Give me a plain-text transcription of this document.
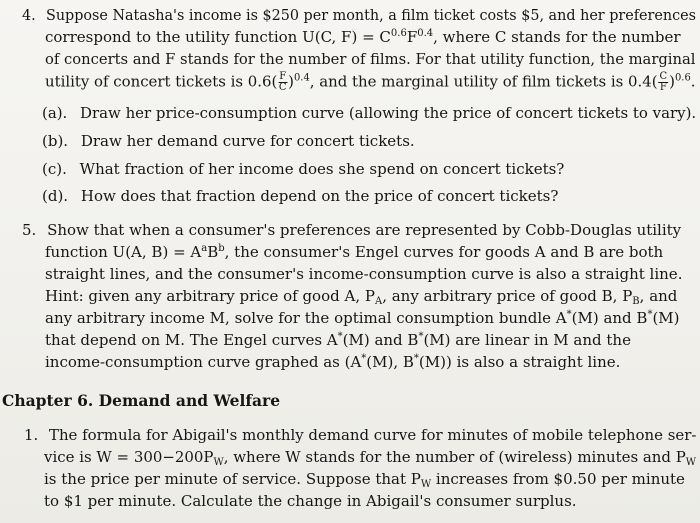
4. Suppose Natasha's income is $250 per month, a film ticket costs $5, and her preferences
correspond to the utility function U(C, $F) = C^{0.6}F^{0.4}$, where C stands for the number
of concerts and F stands for the number of films. For that utility function, the marginal
utility of concert tickets is $0.6( \frac{F}{C} )^{0.4}$, and the marginal utility of film tickets is $0.4( \frac{C}{F} )^{0.6}$.
(a). Draw her price-consumption curve (allowing the price of concert tickets to vary).
(b). Draw her demand curve for concert tickets.
(c). What fraction of her income does she spend on concert tickets?
(d). How does that fraction depend on the price of concert tickets?
5. Show that when a consumer's preferences are represented by Cobb-Douglas utility
function U(A, $B) = A^aB^b$, the consumer's Engel curves for goods A and B are both
straight lines, and the consumer's income-consumption curve is also a straight line.
Hint: given any arbitrary price of good A, $P_A$, any arbitrary price of good B, $P_B$, and
any arbitrary income M, solve for the optimal consumption bundle A*(M) and B*(M)
that depend on M. The Engel curves A*(M) and B*(M) are linear in M and the
income-consumption curve graphed as (A*(M), B*(M)) is also a straight line.
Chapter 6. Demand and Welfare
1. The formula for Abigail's monthly demand curve for minutes of mobile telephone ser-
vice is $W = 300-200P_W$, where W stands for the number of (wireless) minutes and $P_W$
is the price per minute of service. Suppose that $P_W$ increases from $0.50 per minute
to $1 per minute. Calculate the change in Abigail's consumer surplus.
